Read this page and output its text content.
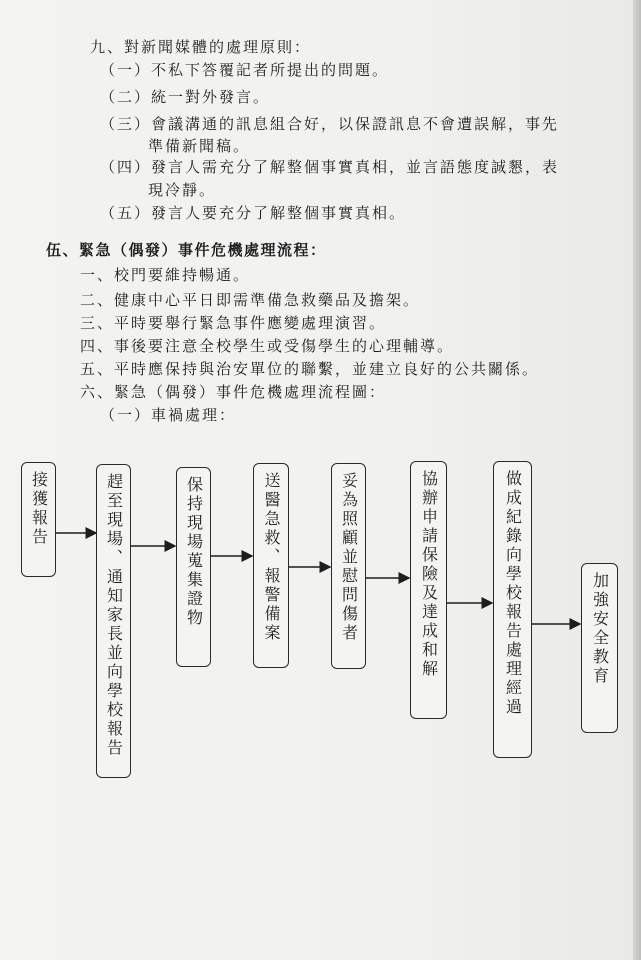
九、對新聞媒體的處理原則：
（一）不私下答覆記者所提出的問題。
（二）統一對外發言。
（三）會議溝通的訊息組合好，以保證訊息不會遭誤解，事先
準備新聞稿。
（四）發言人需充分了解整個事實真相，並言語態度誠懇，表
現冷靜。
（五）發言人要充分了解整個事實真相。
伍、緊急（偶發）事件危機處理流程：
一、校門要維持暢通。
二、健康中心平日即需準備急救藥品及擔架。
三、平時要舉行緊急事件應變處理演習。
四、事後要注意全校學生或受傷學生的心理輔導。
五、平時應保持與治安單位的聯繫，並建立良好的公共關係。
六、緊急（偶發）事件危機處理流程圖：
（一）車禍處理：
接獲報告	趕至現場、通知家長並向學校報告	保持現場蒐集證物	送醫急救、報警備案	妥為照顧並慰問傷者	協辦申請保險及達成和解	做成紀錄向學校報告處理經過	加強安全教育
